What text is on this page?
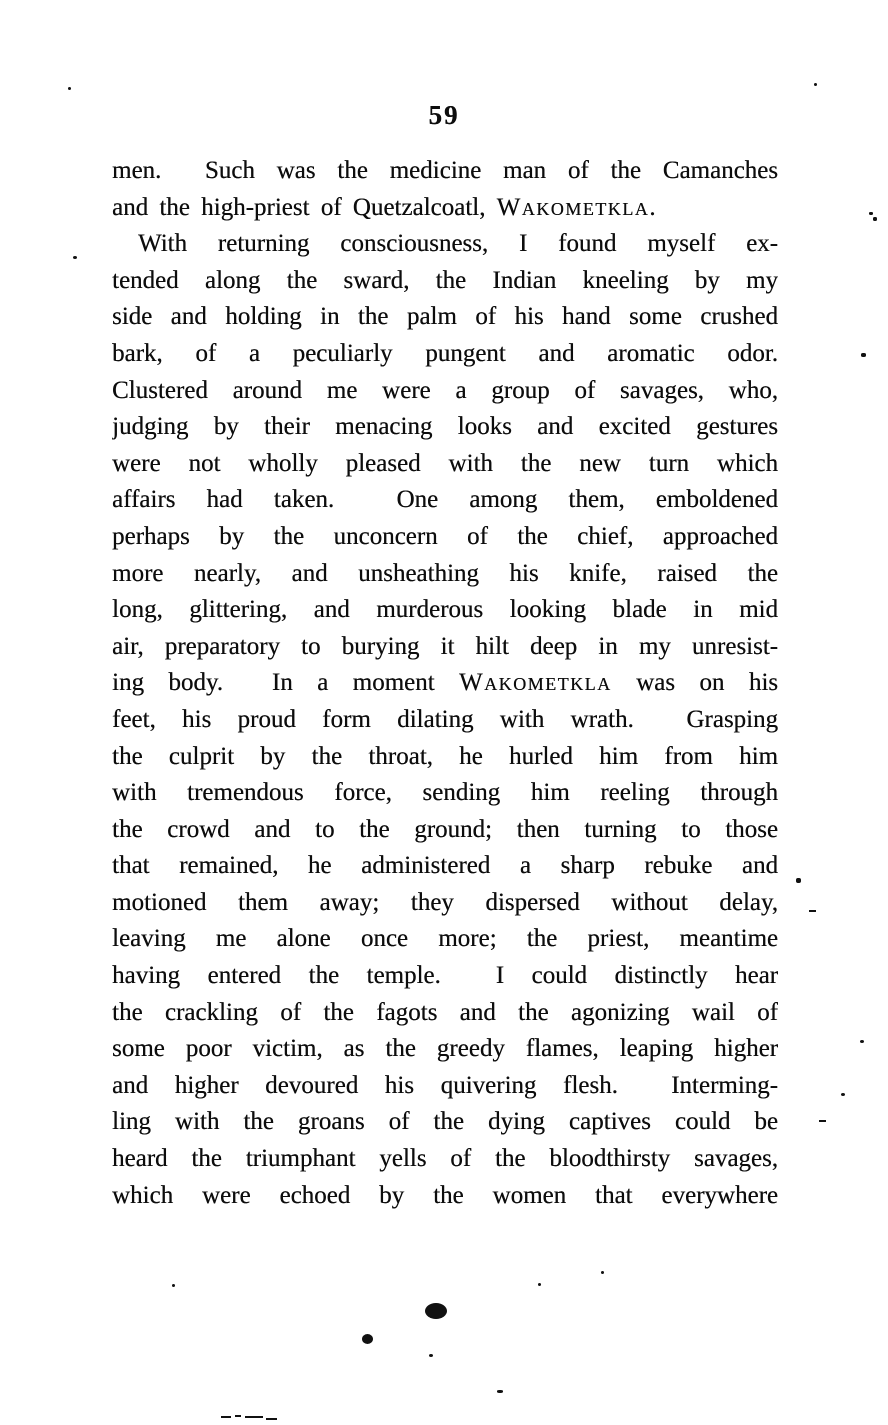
59
men.  Such was the medicine man of the Camanches
and the high-priest of Quetzalcoatl, Wakometkla.
With returning consciousness, I found myself ex-
tended along the sward, the Indian kneeling by my
side and holding in the palm of his hand some crushed
bark, of a peculiarly pungent and aromatic odor.
Clustered around me were a group of savages, who,
judging by their menacing looks and excited gestures
were not wholly pleased with the new turn which
affairs had taken.  One among them, emboldened
perhaps by the unconcern of the chief, approached
more nearly, and unsheathing his knife, raised the
long, glittering, and murderous looking blade in mid
air, preparatory to burying it hilt deep in my unresist-
ing body.  In a moment Wakometkla was on his
feet, his proud form dilating with wrath.  Grasping
the culprit by the throat, he hurled him from him
with tremendous force, sending him reeling through
the crowd and to the ground; then turning to those
that remained, he administered a sharp rebuke and
motioned them away; they dispersed without delay,
leaving me alone once more; the priest, meantime
having entered the temple.  I could distinctly hear
the crackling of the fagots and the agonizing wail of
some poor victim, as the greedy flames, leaping higher
and higher devoured his quivering flesh.  Interming-
ling with the groans of the dying captives could be
heard the triumphant yells of the bloodthirsty savages,
which were echoed by the women that everywhere
